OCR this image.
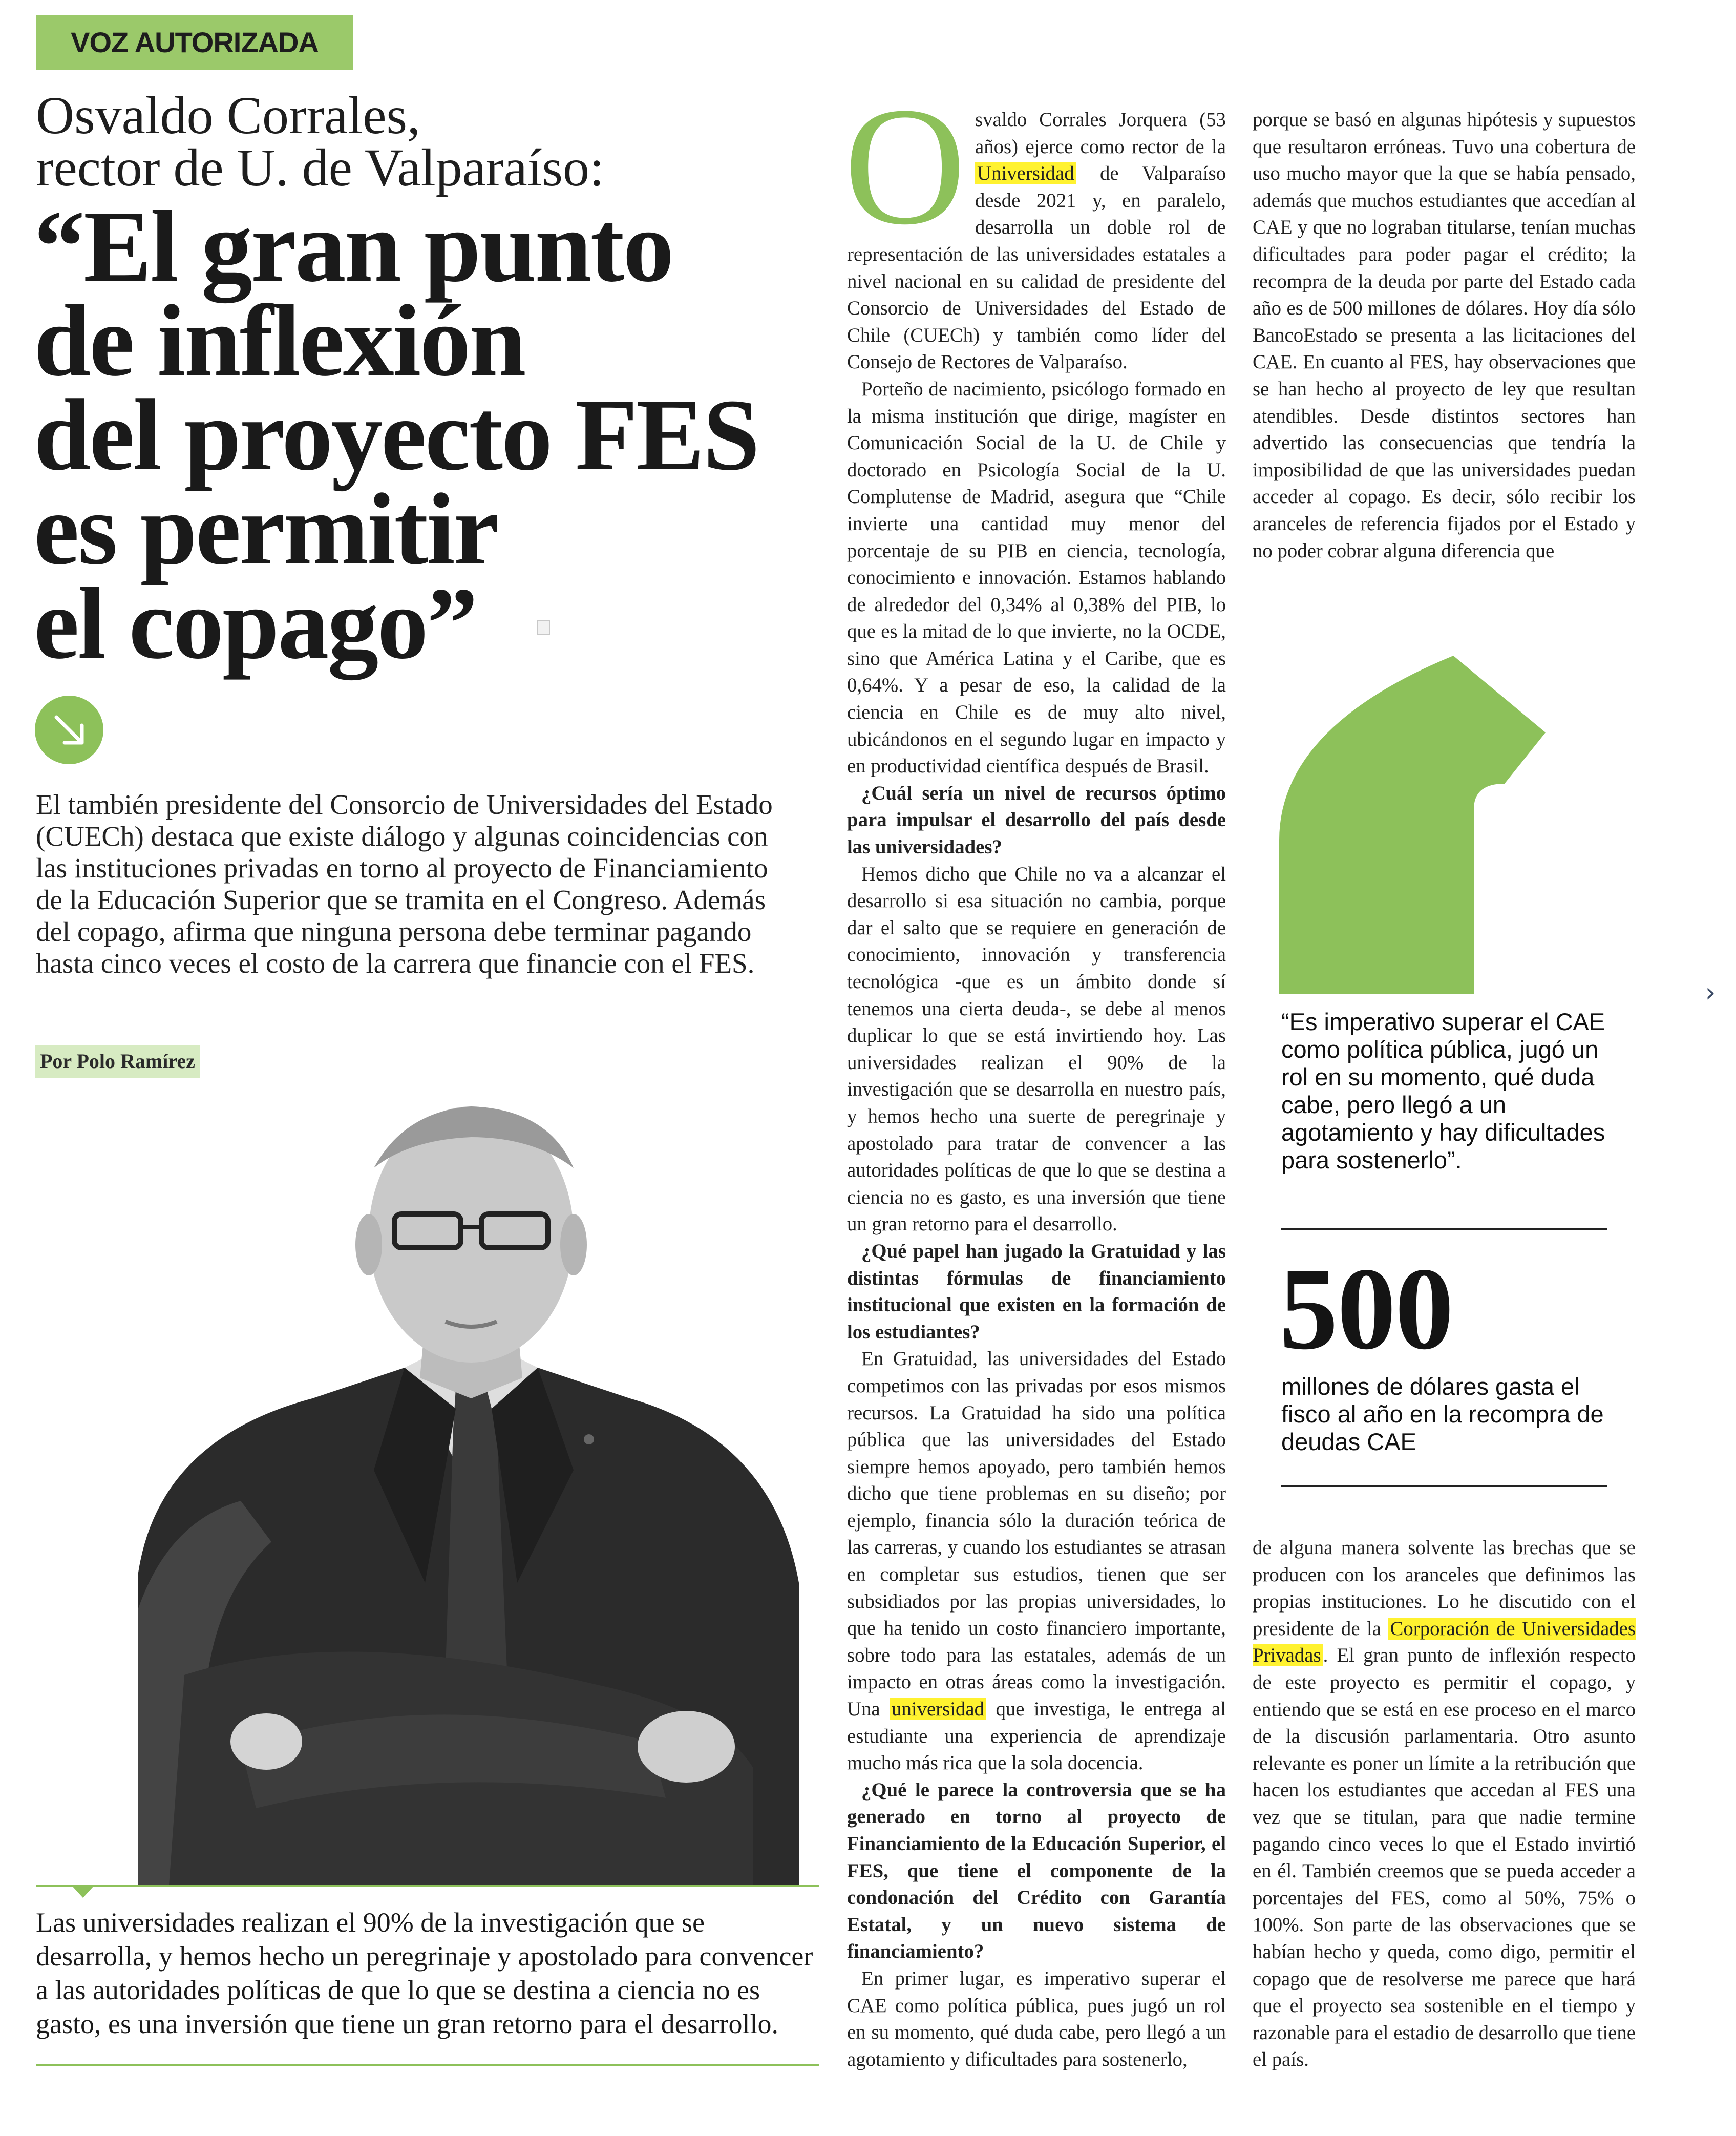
VOZ AUTORIZADA
Osvaldo Corrales,
rector de U. de Valparaíso:
“El gran punto
de inflexión
del proyecto FES
es permitir
el copago”
El también presidente del Consorcio de Universidades del Estado (CUECh) destaca que existe diálogo y algunas coincidencias con las instituciones privadas en torno al proyecto de Financiamiento de la Educación Superior que se tramita en el Congreso. Además del copago, afirma que ninguna persona debe terminar pagando hasta cinco veces el costo de la carrera que financie con el FES.
Por Polo Ramírez
Las universidades realizan el 90% de la investigación que se desarrolla, y hemos hecho un peregrinaje y apostolado para convencer a las autoridades políticas de que lo que se destina a ciencia no es gasto, es una inversión que tiene un gran retorno para el desarrollo.

svaldo Corrales Jorquera (53 años) ejerce como rector de la Universidad de Valparaíso desde 2021 y, en paralelo, desarrolla un doble rol de representación de las universidades estatales a nivel nacional en su calidad de presidente del Consorcio de Universidades del Estado de Chile (CUECh) y también como líder del Consejo de Rectores de Valparaíso.

Porteño de nacimiento, psicólogo formado en la misma institución que dirige, magíster en Comunicación Social de la U. de Chile y doctorado en Psicología Social de la U. Complutense de Madrid, asegura que “Chile invierte una cantidad muy menor del porcentaje de su PIB en ciencia, tecnología, conocimiento e innovación. Estamos hablando de alrededor del 0,34% al 0,38% del PIB, lo que es la mitad de lo que invierte, no la OCDE, sino que América Latina y el Caribe, que es 0,64%. Y a pesar de eso, la calidad de la ciencia en Chile es de muy alto nivel, ubicándonos en el segundo lugar en impacto y en productividad científica después de Brasil.

¿Cuál sería un nivel de recursos óptimo para impulsar el desarrollo del país desde las universidades?

Hemos dicho que Chile no va a alcanzar el desarrollo si esa situación no cambia, porque dar el salto que se requiere en generación de conocimiento, innovación y transferencia tecnológica -que es un ámbito donde sí tenemos una cierta deuda-, se debe al menos duplicar lo que se está invirtiendo hoy. Las universidades realizan el 90% de la investigación que se desarrolla en nuestro país, y hemos hecho una suerte de peregrinaje y apostolado para tratar de convencer a las autoridades políticas de que lo que se destina a ciencia no es gasto, es una inversión que tiene un gran retorno para el desarrollo.

¿Qué papel han jugado la Gratuidad y las distintas fórmulas de financiamiento institucional que existen en la formación de los estudiantes?

En Gratuidad, las universidades del Estado competimos con las privadas por esos mismos recursos. La Gratuidad ha sido una política pública que las universidades del Estado siempre hemos apoyado, pero también hemos dicho que tiene problemas en su diseño; por ejemplo, financia sólo la duración teórica de las carreras, y cuando los estudiantes se atrasan en completar sus estudios, tienen que ser subsidiados por las propias universidades, lo que ha tenido un costo financiero importante, sobre todo para las estatales, además de un impacto en otras áreas como la investigación. Una universidad que investiga, le entrega al estudiante una experiencia de aprendizaje mucho más rica que la sola docencia.

¿Qué le parece la controversia que se ha generado en torno al proyecto de Financiamiento de la Educación Superior, el FES, que tiene el componente de la condonación del Crédito con Garantía Estatal, y un nuevo sistema de financiamiento?

En primer lugar, es imperativo superar el CAE como política pública, pues jugó un rol en su momento, qué duda cabe, pero llegó a un agotamiento y dificultades para sostenerlo,

O	porque se basó en algunas hipótesis y supuestos que resultaron erróneas. Tuvo una cobertura de uso mucho mayor que la que se había pensado, además que muchos estudiantes que accedían al CAE y que no lograban titularse, tenían muchas dificultades para poder pagar el crédito; la recompra de la deuda por parte del Estado cada año es de 500 millones de dólares. Hoy día sólo BancoEstado se presenta a las licitaciones del CAE. En cuanto al FES, hay observaciones que se han hecho al proyecto de ley que resultan atendibles. Desde distintos sectores han advertido las consecuencias que tendría la imposibilidad de que las universidades puedan acceder al copago. Es decir, sólo recibir los aranceles de referencia fijados por el Estado y no poder cobrar alguna diferencia que

“Es imperativo superar el CAE como política pública, jugó un rol en su momento, qué duda cabe, pero llegó a un agotamiento y hay dificultades para sostenerlo”.
500
millones de dólares gasta el fisco al año en la recompra de deudas CAE

de alguna manera solvente las brechas que se producen con los aranceles que definimos las propias instituciones. Lo he discutido con el presidente de la Corporación de Universidades Privadas . El gran punto de inflexión respecto de este proyecto es permitir el copago, y entiendo que se está en ese proceso en el marco de la discusión parlamentaria. Otro asunto relevante es poner un límite a la retribución que hacen los estudiantes que accedan al FES una vez que se titulan, para que nadie termine pagando cinco veces lo que el Estado invirtió en él. También creemos que se pueda acceder a porcentajes del FES, como al 50%, 75% o 100%. Son parte de las observaciones que se habían hecho y queda, como digo, permitir el copago que de resolverse me parece que hará que el proyecto sea sostenible en el tiempo y razonable para el estadio de desarrollo que tiene el país.

›
